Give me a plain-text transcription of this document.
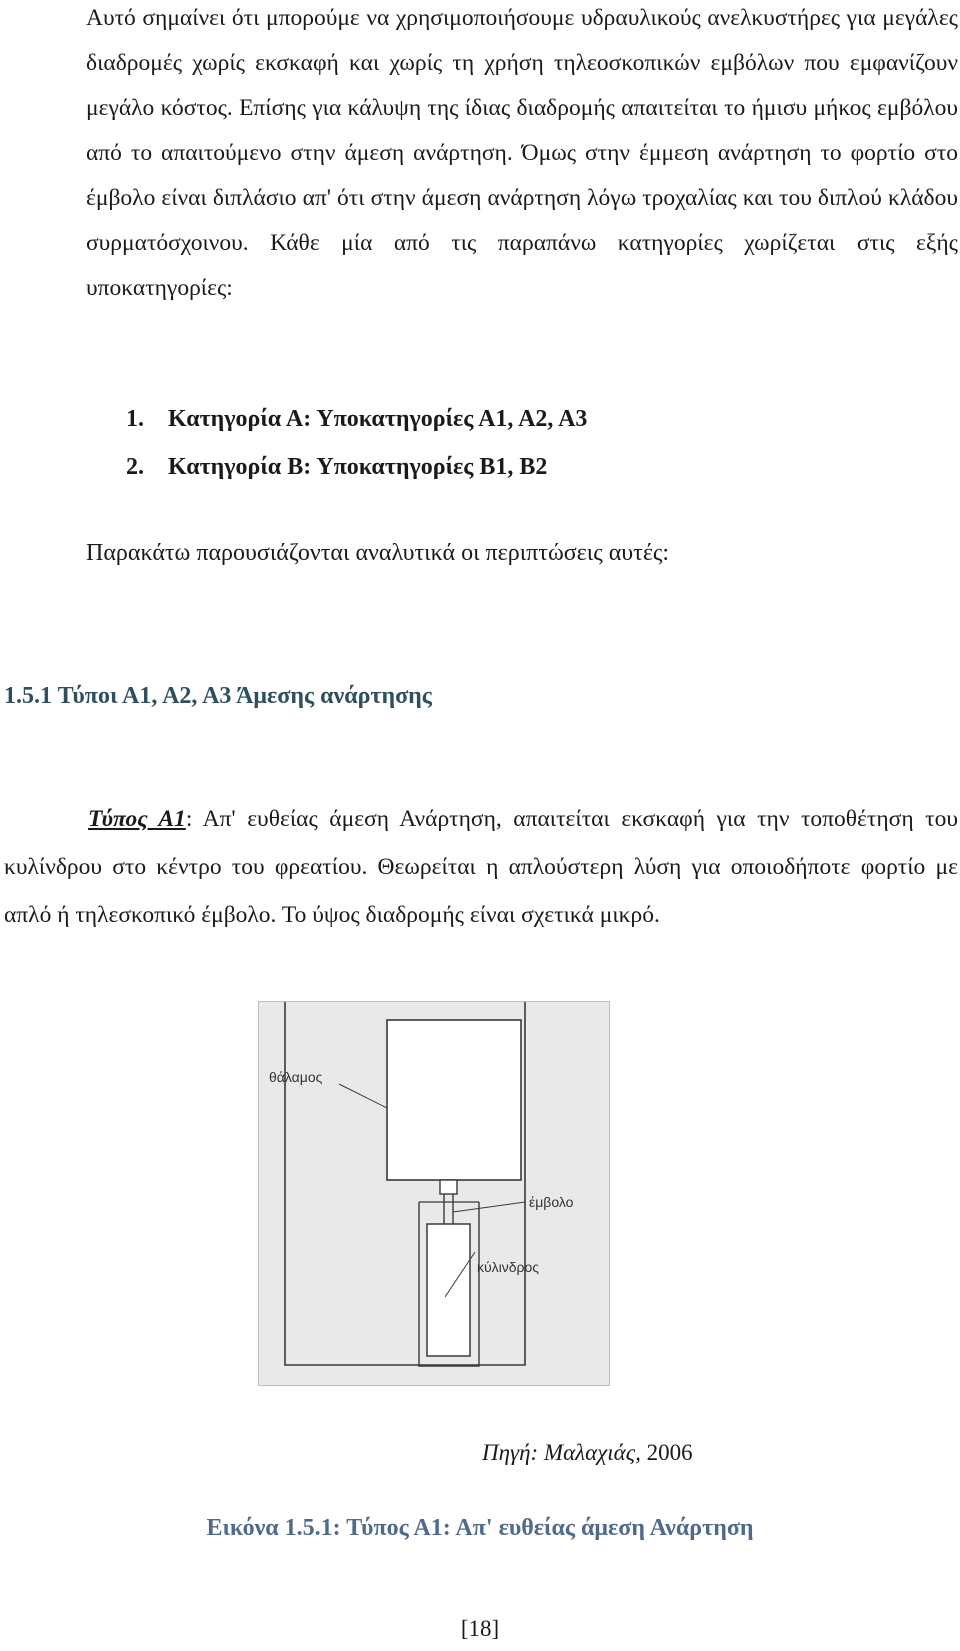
Αυτό σημαίνει ότι μπορούμε να χρησιμοποιήσουμε υδραυλικούς ανελκυστήρες για μεγάλες διαδρομές χωρίς εκσκαφή και χωρίς τη χρήση τηλεοσκοπικών εμβόλων που εμφανίζουν μεγάλο κόστος. Επίσης για κάλυψη της ίδιας διαδρομής απαιτείται το ήμισυ μήκος εμβόλου από το απαιτούμενο στην άμεση ανάρτηση. Όμως στην έμμεση ανάρτηση το φορτίο στο έμβολο είναι διπλάσιο απ' ότι στην άμεση ανάρτηση λόγω τροχαλίας και του διπλού κλάδου συρματόσχοινου. Κάθε μία από τις παραπάνω κατηγορίες χωρίζεται στις εξής υποκατηγορίες:

1. Κατηγορία Α: Υποκατηγορίες Α1, Α2, Α3
2. Κατηγορία Β: Υποκατηγορίες Β1, Β2

Παρακάτω παρουσιάζονται αναλυτικά οι περιπτώσεις αυτές:

1.5.1 Τύποι Α1, Α2, Α3 Άμεσης ανάρτησης

Τύπος Α1: Απ' ευθείας άμεση Ανάρτηση, απαιτείται εκσκαφή για την τοποθέτηση του κυλίνδρου στο κέντρο του φρεατίου. Θεωρείται η απλούστερη λύση για οποιοδήποτε φορτίο με απλό ή τηλεσκοπικό έμβολο. Το ύψος διαδρομής είναι σχετικά μικρό.

θάλαμος
έμβολο
κύλινδρος

Πηγή: Μαλαχιάς, 2006

Εικόνα 1.5.1: Τύπος Α1: Απ' ευθείας άμεση Ανάρτηση

[18]
